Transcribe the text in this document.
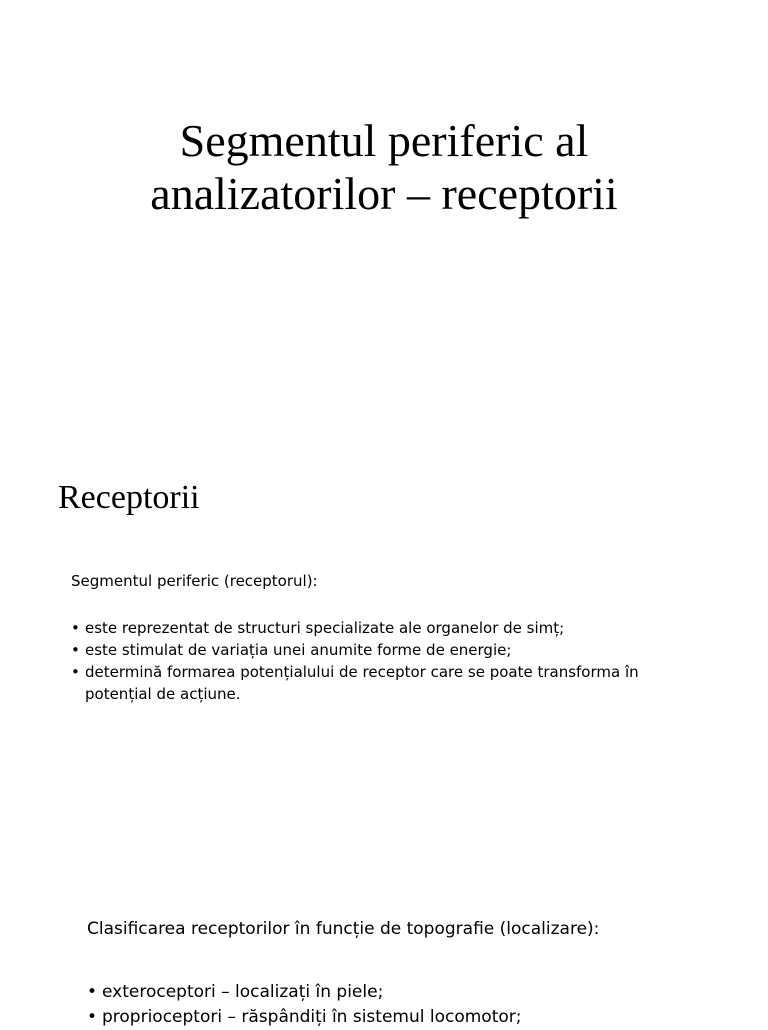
Segmentul periferic al
analizatorilor – receptorii
Receptorii
Segmentul periferic (receptorul):
• este reprezentat de structuri specializate ale organelor de simț;
• este stimulat de variația unei anumite forme de energie;
• determină formarea potențialului de receptor care se poate transforma în potențial de acțiune.
Clasificarea receptorilor în funcție de topografie (localizare):
• exteroceptori – localizați în piele;
• proprioceptori – răspândiți în sistemul locomotor;
